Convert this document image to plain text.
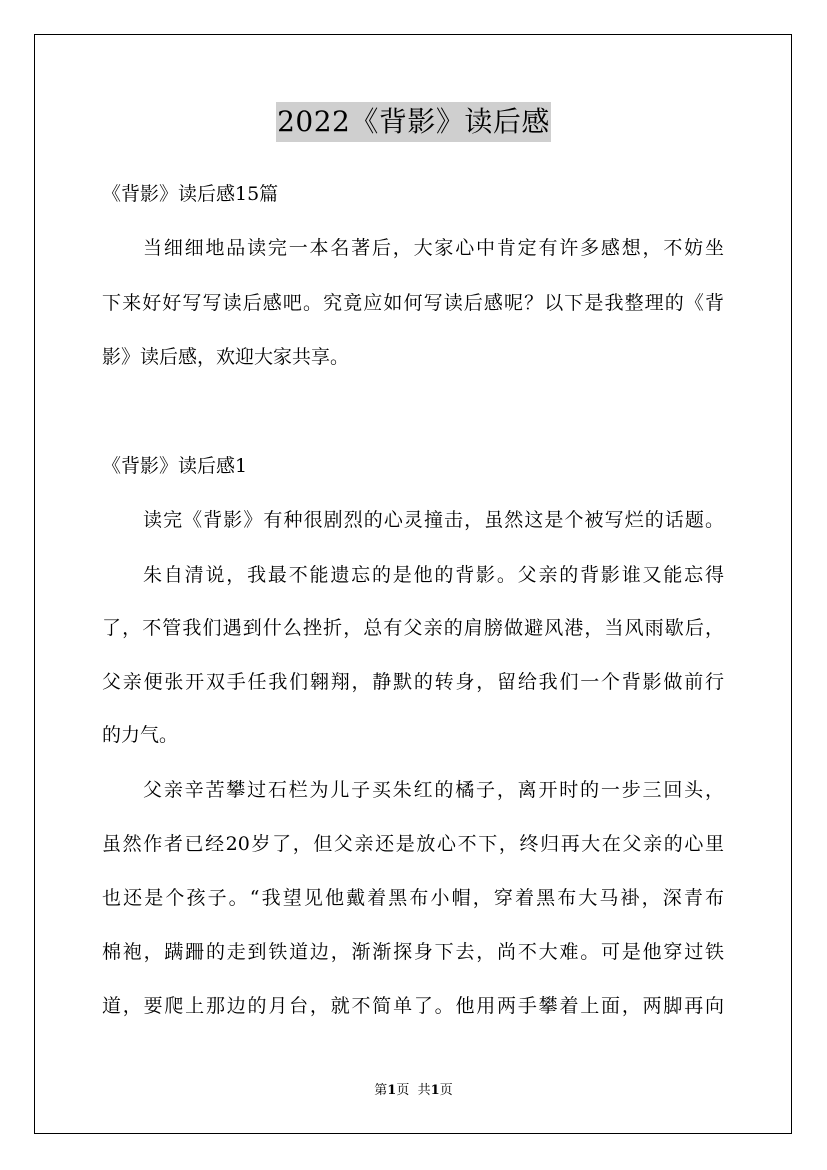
2022《背影》读后感
《背影》读后感15篇
当细细地品读完一本名著后，大家心中肯定有许多感想，不妨坐
下来好好写写读后感吧。究竟应如何写读后感呢？以下是我整理的《背
影》读后感，欢迎大家共享。
《背影》读后感1
读完《背影》有种很剧烈的心灵撞击，虽然这是个被写烂的话题。
朱自清说，我最不能遗忘的是他的背影。父亲的背影谁又能忘得
了，不管我们遇到什么挫折，总有父亲的肩膀做避风港，当风雨歇后，
父亲便张开双手任我们翱翔，静默的转身，留给我们一个背影做前行
的力气。
父亲辛苦攀过石栏为儿子买朱红的橘子，离开时的一步三回头，
虽然作者已经20岁了，但父亲还是放心不下，终归再大在父亲的心里
也还是个孩子。“我望见他戴着黑布小帽，穿着黑布大马褂，深青布
棉袍，蹒跚的走到铁道边，渐渐探身下去，尚不大难。可是他穿过铁
道，要爬上那边的月台，就不简单了。他用两手攀着上面，两脚再向
第1页 共1页
